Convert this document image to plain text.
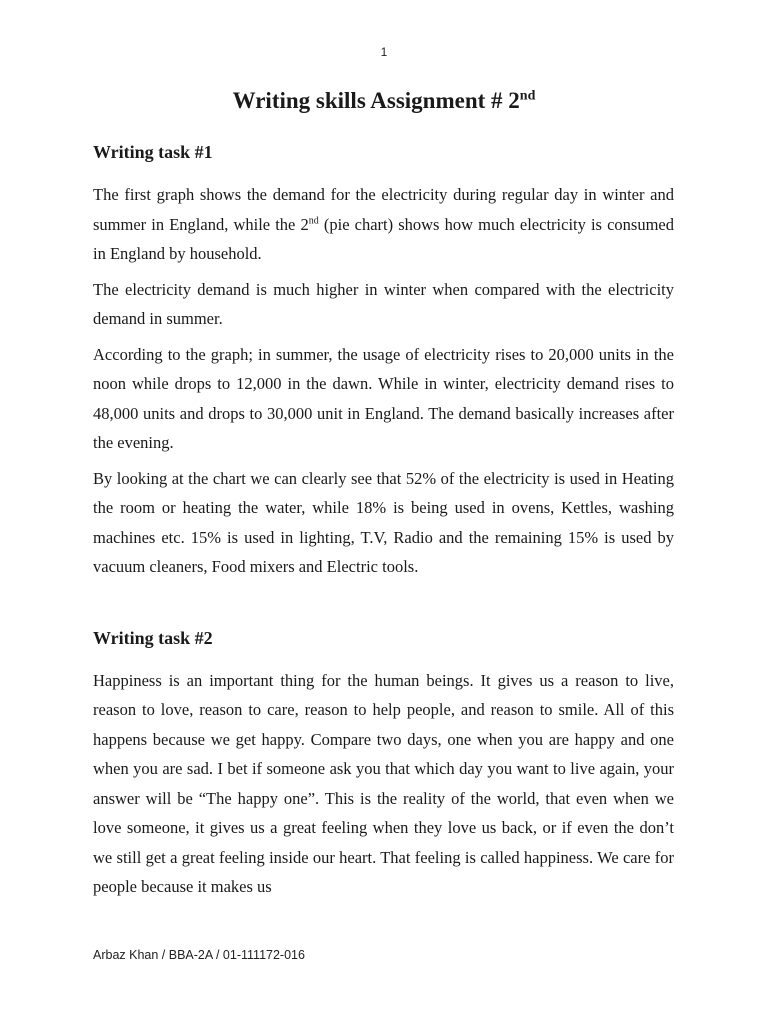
1
Writing skills Assignment # 2nd
Writing task #1

The first graph shows the demand for the electricity during regular day in winter and summer in England, while the 2nd (pie chart) shows how much electricity is consumed in England by household.

The electricity demand is much higher in winter when compared with the electricity demand in summer.

According to the graph; in summer, the usage of electricity rises to 20,000 units in the noon while drops to 12,000 in the dawn. While in winter, electricity demand rises to 48,000 units and drops to 30,000 unit in England. The demand basically increases after the evening.

By looking at the chart we can clearly see that 52% of the electricity is used in Heating the room or heating the water, while 18% is being used in ovens, Kettles, washing machines etc. 15% is used in lighting, T.V, Radio and the remaining 15% is used by vacuum cleaners, Food mixers and Electric tools.

Writing task #2

Happiness is an important thing for the human beings. It gives us a reason to live, reason to love, reason to care, reason to help people, and reason to smile. All of this happens because we get happy. Compare two days, one when you are happy and one when you are sad. I bet if someone ask you that which day you want to live again, your answer will be “The happy one”. This is the reality of the world, that even when we love someone, it gives us a great feeling when they love us back, or if even the don’t we still get a great feeling inside our heart. That feeling is called happiness. We care for people because it makes us

Arbaz Khan / BBA-2A / 01-111172-016
